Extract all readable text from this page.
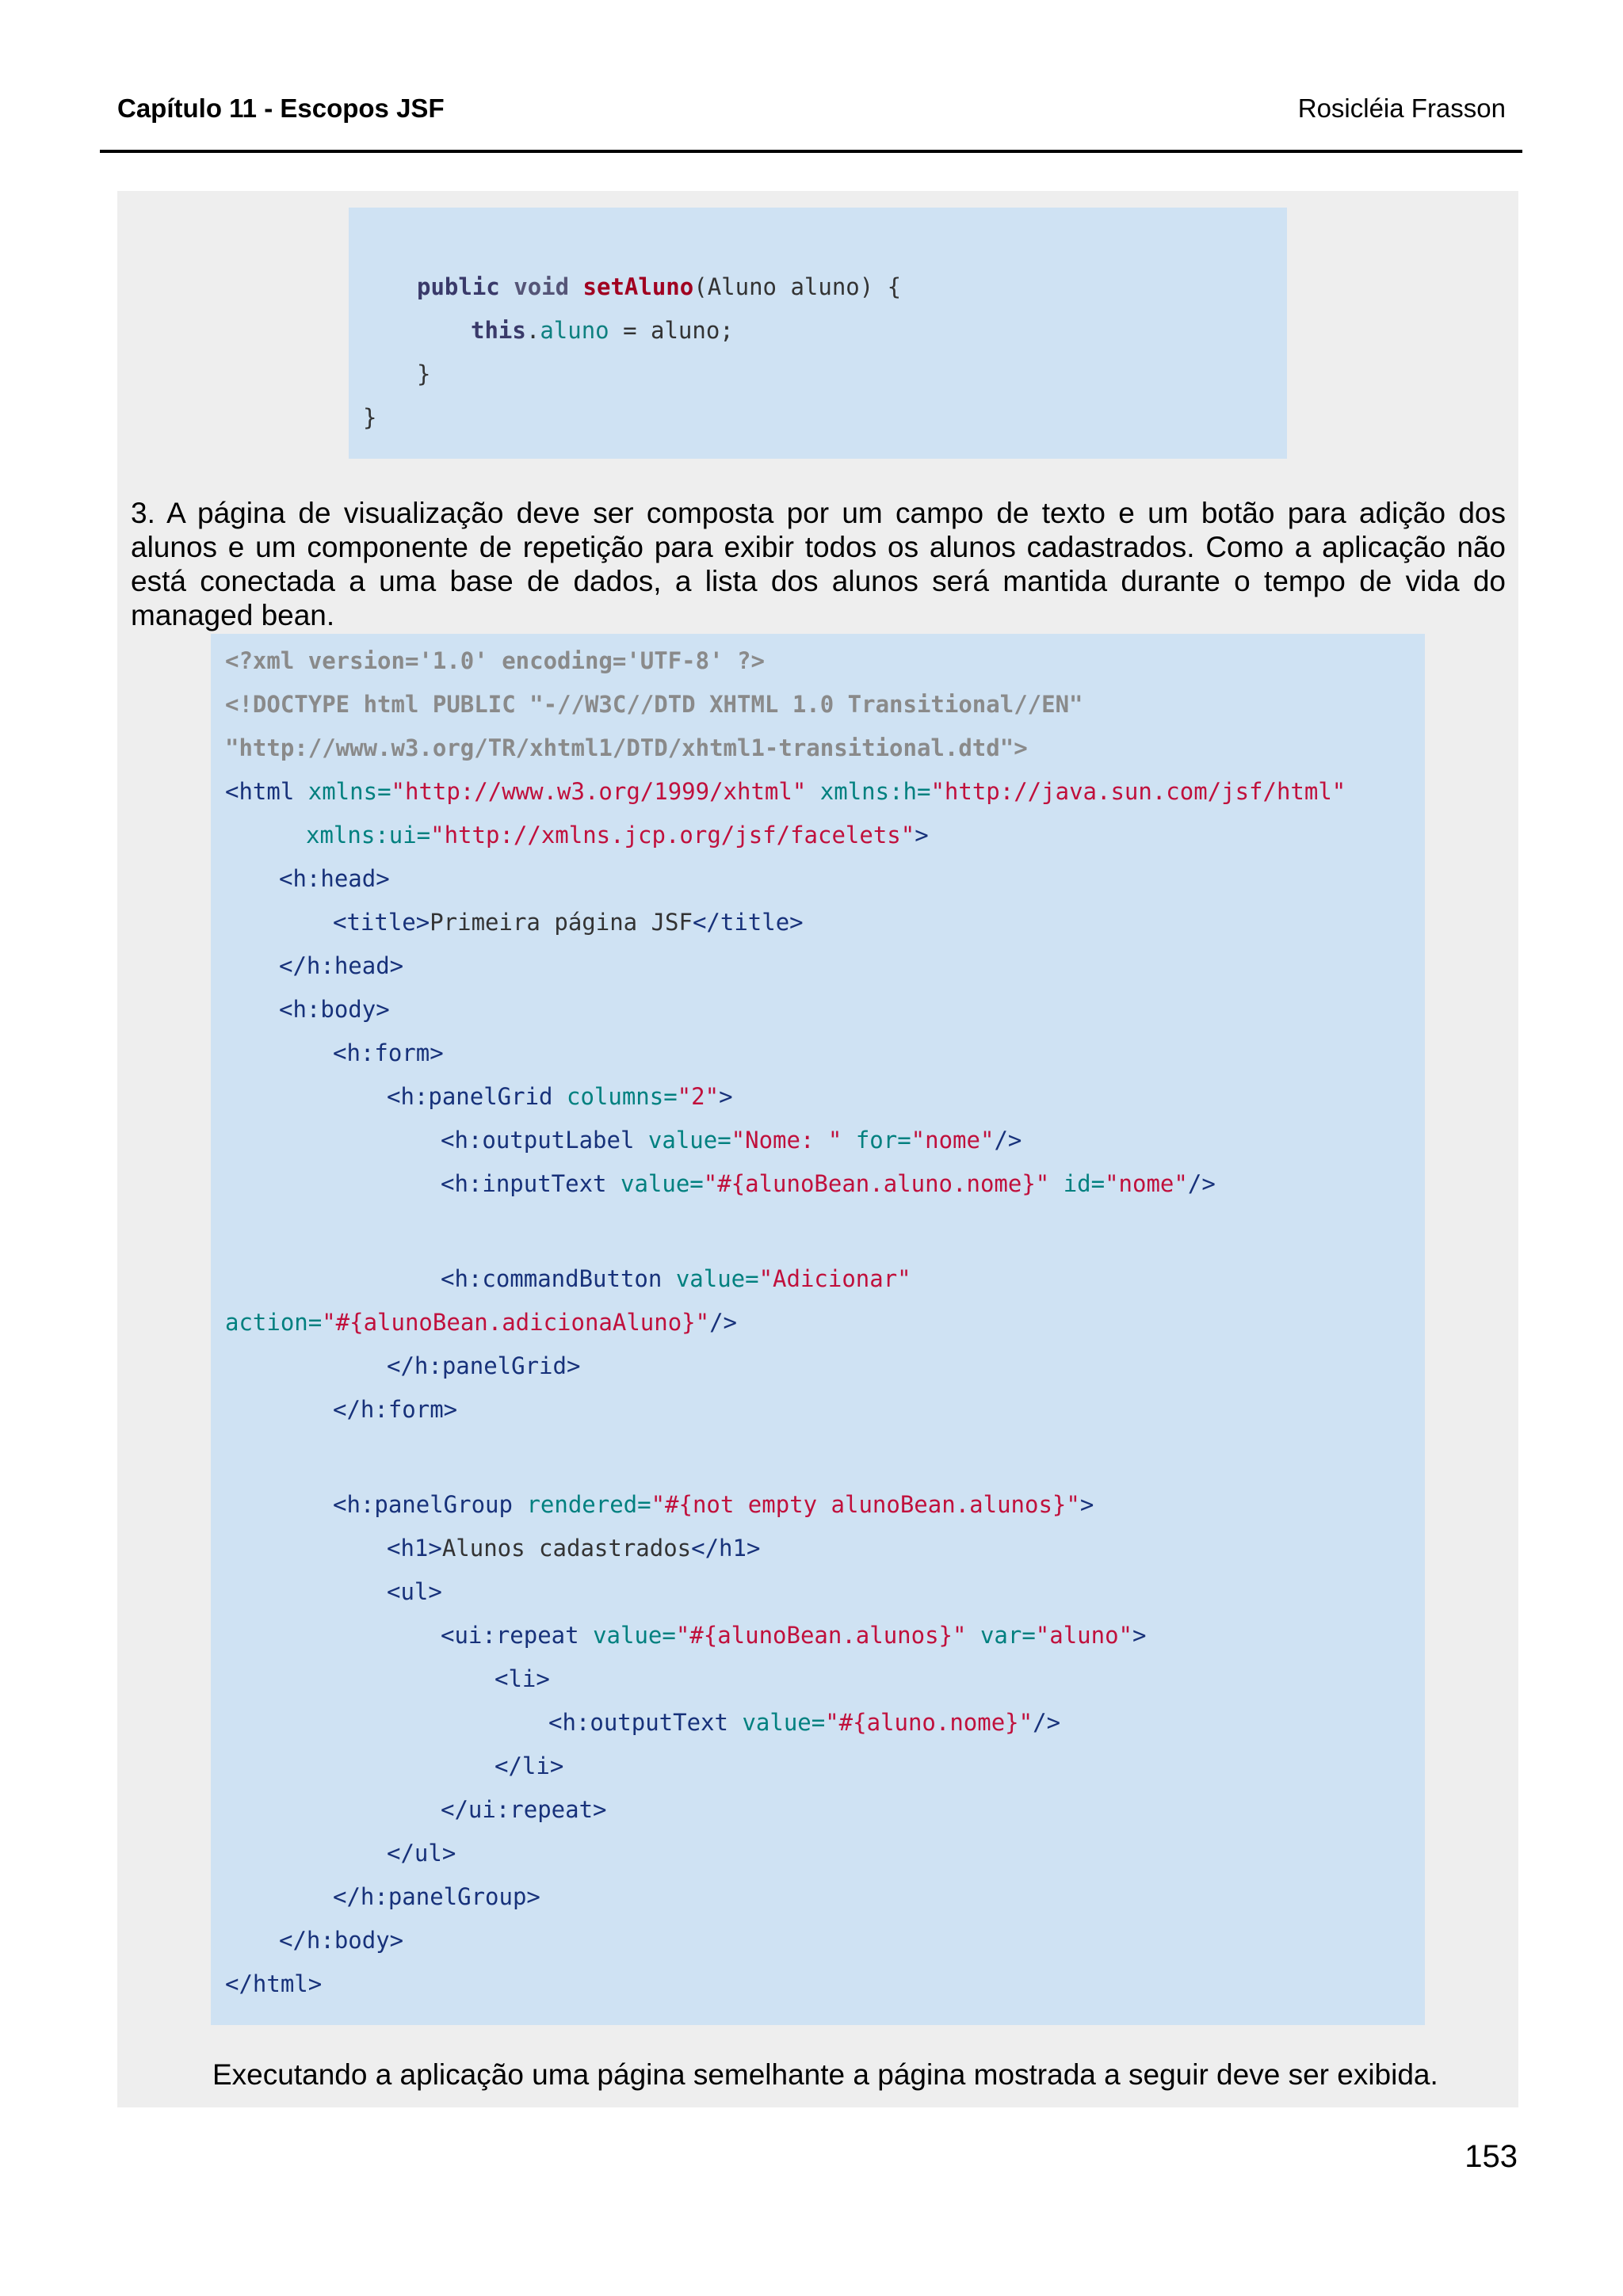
Capítulo 11 - Escopos JSF	Rosicléia Frasson
public void setAluno(Aluno aluno) {
this.aluno = aluno;
}
}
<?xml version='1.0' encoding='UTF-8' ?>
<!DOCTYPE html PUBLIC "-//W3C//DTD XHTML 1.0 Transitional//EN"
"http://www.w3.org/TR/xhtml1/DTD/xhtml1-transitional.dtd">
<html xmlns="http://www.w3.org/1999/xhtml" xmlns:h="http://java.sun.com/jsf/html"
xmlns:ui="http://xmlns.jcp.org/jsf/facelets">
<h:head>
<title>Primeira página JSF</title>
</h:head>
<h:body>
<h:form>
<h:panelGrid columns="2">
<h:outputLabel value="Nome: " for="nome"/>
<h:inputText value="#{alunoBean.aluno.nome}" id="nome"/>
<h:commandButton value="Adicionar"
action="#{alunoBean.adicionaAluno}"/>
</h:panelGrid>
</h:form>
<h:panelGroup rendered="#{not empty alunoBean.alunos}">
<h1>Alunos cadastrados</h1>
<ul>
<ui:repeat value="#{alunoBean.alunos}" var="aluno">
<li>
<h:outputText value="#{aluno.nome}"/>
</li>
</ui:repeat>
</ul>
</h:panelGroup>
</h:body>
</html>
3. A página de visualização deve ser composta por um campo de texto e um botão para adição dos alunos e um componente de repetição para exibir todos os alunos cadastrados. Como a aplicação não está conectada a uma base de dados, a lista dos alunos será mantida durante o tempo de vida do managed bean.
Executando a aplicação uma página semelhante a página mostrada a seguir deve ser exibida.
153
